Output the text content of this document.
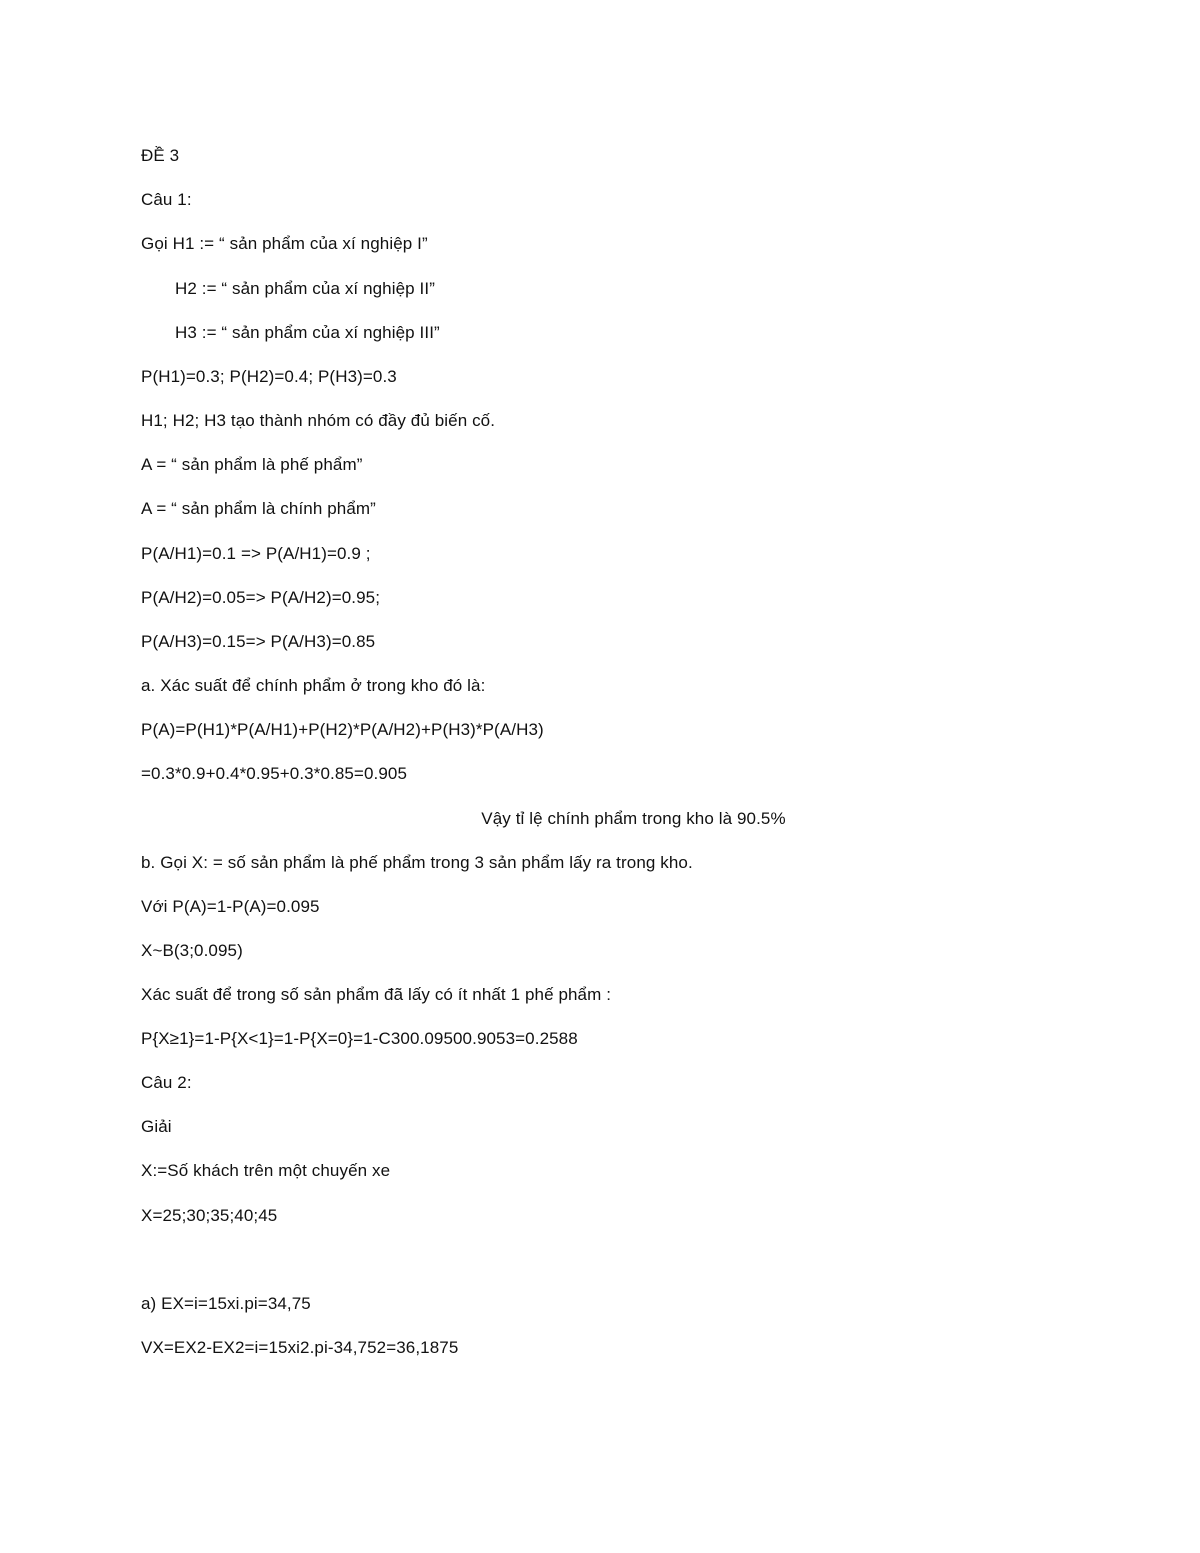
ĐỀ 3
Câu 1:
Gọi H1 := “ sản phẩm của xí nghiệp I”
H2 := “ sản phẩm của xí nghiệp II”
H3 := “ sản phẩm của xí nghiệp III”
P(H1)=0.3; P(H2)=0.4; P(H3)=0.3
H1; H2; H3 tạo thành nhóm có đầy đủ biến cố.
A = “ sản phẩm là phế phẩm”
A = “ sản phẩm là chính phẩm”
P(A/H1)=0.1 => P(A/H1)=0.9 ;
P(A/H2)=0.05=> P(A/H2)=0.95;
P(A/H3)=0.15=> P(A/H3)=0.85
a. Xác suất để chính phẩm ở trong kho đó là:
P(A)=P(H1)*P(A/H1)+P(H2)*P(A/H2)+P(H3)*P(A/H3)
=0.3*0.9+0.4*0.95+0.3*0.85=0.905
Vậy tỉ lệ chính phẩm trong kho là 90.5%
b. Gọi X: = số sản phẩm là phế phẩm trong 3 sản phẩm lấy ra trong kho.
Với P(A)=1-P(A)=0.095
X~B(3;0.095)
Xác suất để trong số sản phẩm đã lấy có ít nhất 1 phế phẩm :
P{X≥1}=1-P{X<1}=1-P{X=0}=1-C300.09500.9053=0.2588
Câu 2:
Giải
X:=Số khách trên một chuyến xe
X=25;30;35;40;45
a) EX=i=15xi.pi=34,75
VX=EX2-EX2=i=15xi2.pi-34,752=36,1875
